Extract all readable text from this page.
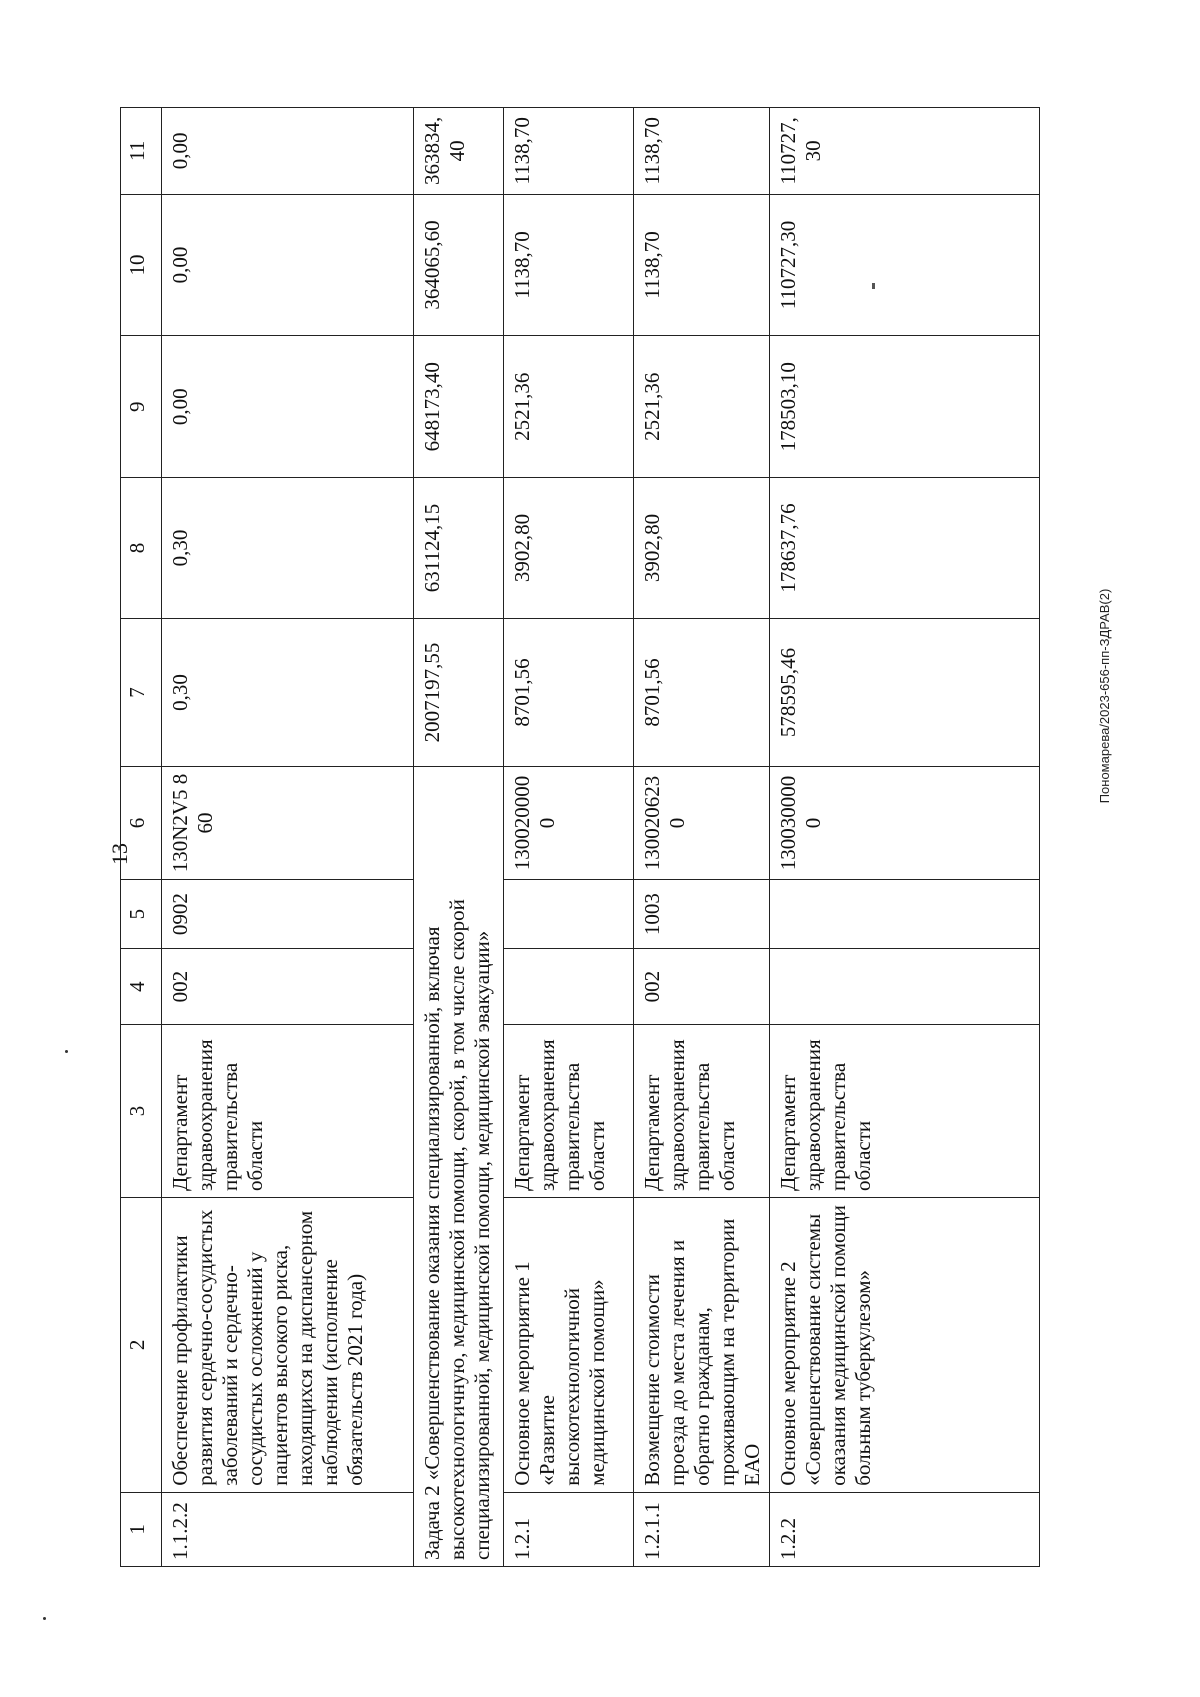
13
Пономарева/2023-656-пп-ЗДРАВ(2)
1	2	3	4	5	6	7	8	9	10	11
1.1.2.2	Обеспечение профилактики развития сердечно-сосудистых заболеваний и сердечно-сосудистых осложнений у пациентов высокого риска, находящихся на диспансерном наблюдении (исполнение обязательств 2021 года)	Департамент здравоохранения правительства области	002	0902	130N2V5 860	0,30	0,30	0,00	0,00	0,00
Задача 2 «Совершенствование оказания специализированной, включая высокотехнологичную, медицинской помощи, скорой, в том числе скорой специализированной, медицинской помощи, медицинской эвакуации»						2007197,55	631124,15	648173,40	364065,60	363834,40
1.2.1	Основное мероприятие 1 «Развитие высокотехнологичной медицинской помощи»	Департамент здравоохранения правительства области			1300200000	8701,56	3902,80	2521,36	1138,70	1138,70
1.2.1.1	Возмещение стоимости проезда до места лечения и обратно гражданам, проживающим на территории ЕАО	Департамент здравоохранения правительства области	002	1003	1300206230	8701,56	3902,80	2521,36	1138,70	1138,70
1.2.2	Основное мероприятие 2 «Совершенствование системы оказания медицинской помощи больным туберкулезом»	Департамент здравоохранения правительства области			1300300000	578595,46	178637,76	178503,10	110727,30	110727,30
